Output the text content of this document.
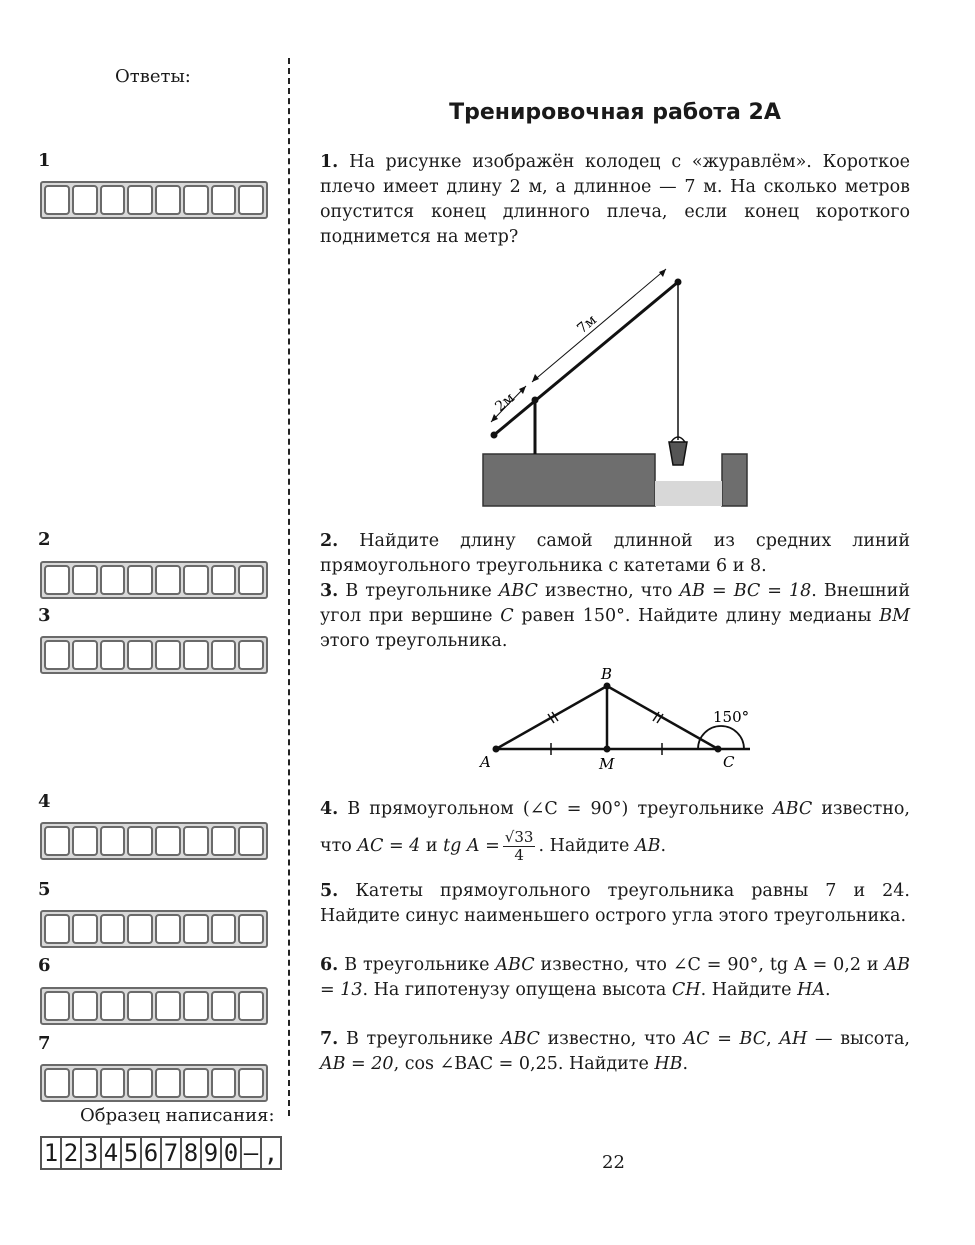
Ответы:
1
2
3
4
5
6
7
Тренировочная работа 2А
1. На рисунке изображён колодец с «журавлём». Короткое плечо имеет длину 2 м, а длинное — 7 м. На сколько метров опустится конец длинного плеча, если конец короткого поднимется на метр?
2м
7м
2. Найдите длину самой длинной из средних линий прямоугольного треугольника с катетами 6 и 8.
3. В треугольнике ABC известно, что AB = BC = 18. Внешний угол при вершине C равен 150°. Найдите длину медианы BM этого треугольника.
A
B
C
M
150°
4. В прямоугольном (∠C = 90°) треугольнике ABC известно, что AC = 4 и tg $A = \frac{√33}{4}$ . Найдите AB.
5. Катеты прямоугольного треугольника равны 7 и 24. Найдите синус наименьшего острого угла этого треугольника.
6. В треугольнике ABC известно, что ∠C = 90°, tg A = 0,2 и AB = 13. На гипотенузу опущена высота CH. Найдите HA.
7. В треугольнике ABC известно, что AC = BC, AH — высота, AB = 20, cos ∠BAC = 0,25. Найдите HB.
Образец написания:
1 2 3 4 5 6 7 8 9 0 – ,	22
